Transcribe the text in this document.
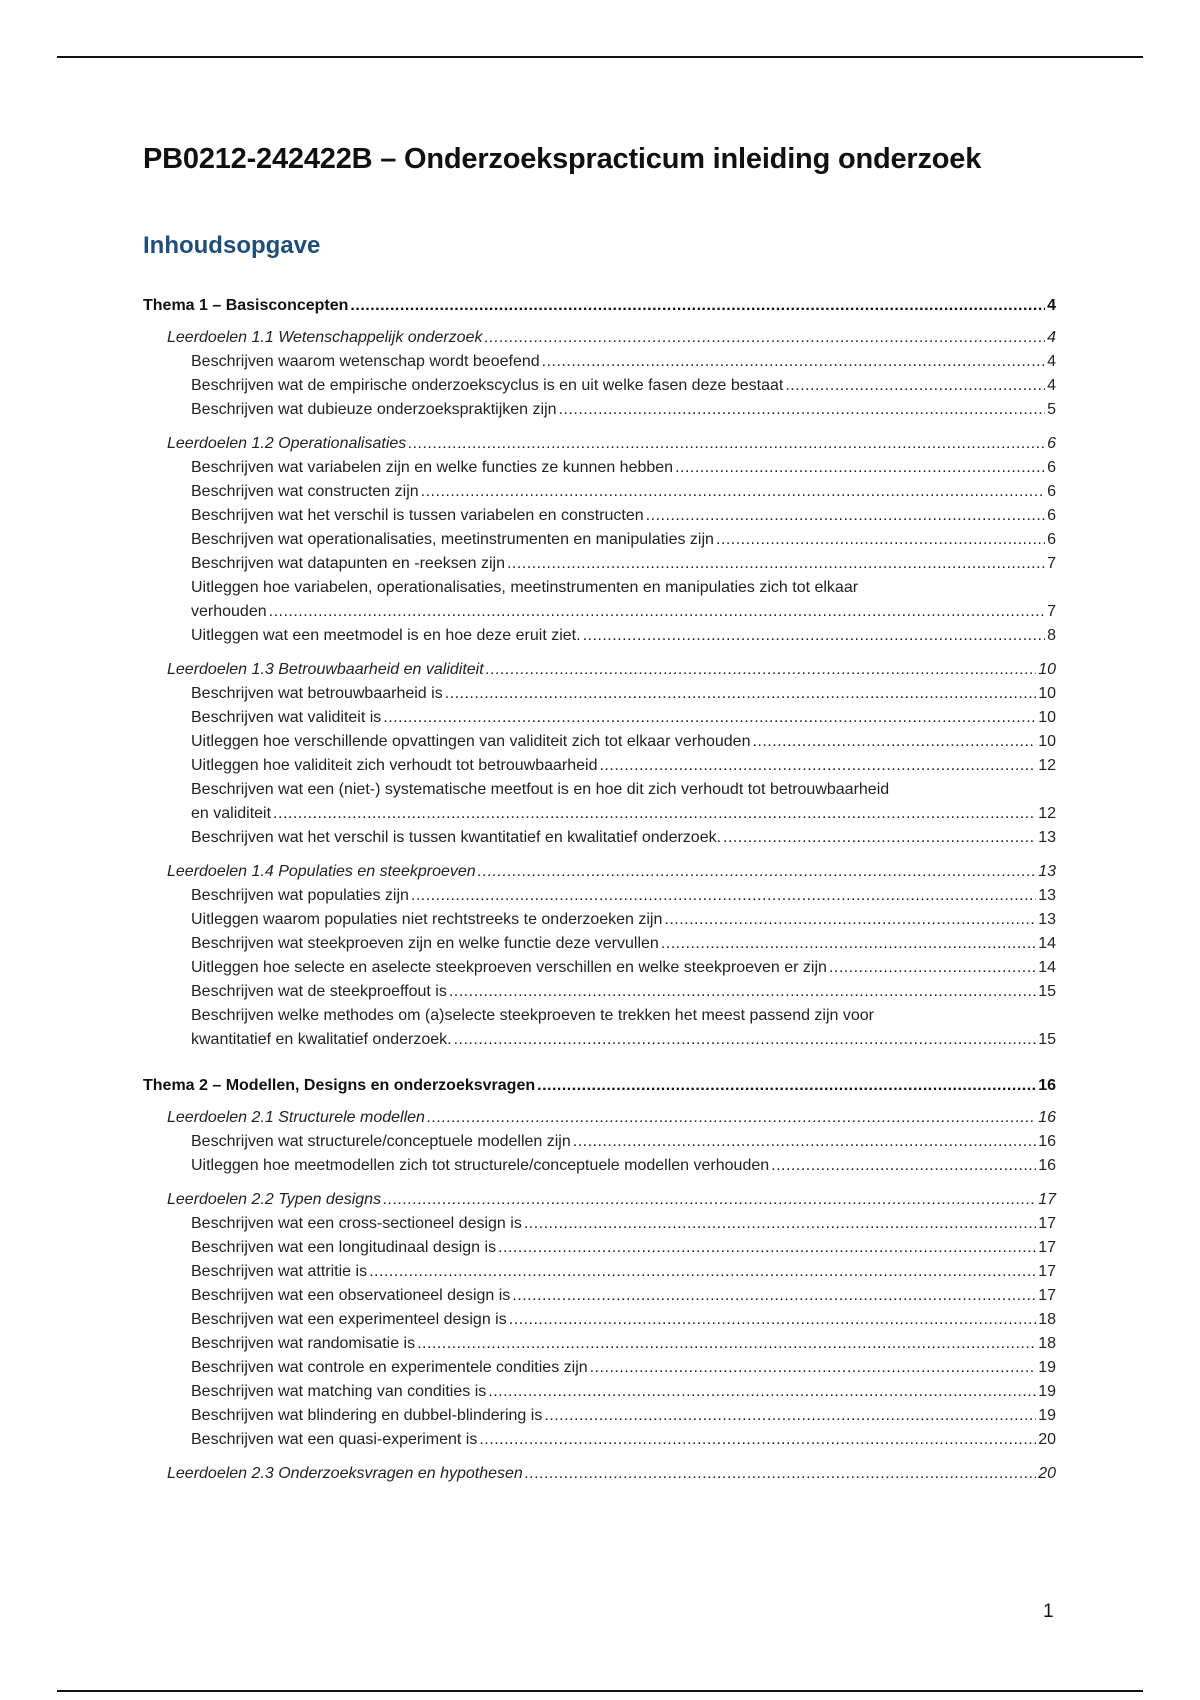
PB0212-242422B – Onderzoekspracticum inleiding onderzoek
Inhoudsopgave
Thema 1 – Basisconcepten .....	4
Leerdoelen 1.1 Wetenschappelijk onderzoek .....	4
Beschrijven waarom wetenschap wordt beoefend .....	4
Beschrijven wat de empirische onderzoekscyclus is en uit welke fasen deze bestaat .....	4
Beschrijven wat dubieuze onderzoekspraktijken zijn .....	5
Leerdoelen 1.2 Operationalisaties .....	6
Beschrijven wat variabelen zijn en welke functies ze kunnen hebben .....	6
Beschrijven wat constructen zijn .....	6
Beschrijven wat het verschil is tussen variabelen en constructen .....	6
Beschrijven wat operationalisaties, meetinstrumenten en manipulaties zijn .....	6
Beschrijven wat datapunten en -reeksen zijn .....	7
Uitleggen hoe variabelen, operationalisaties, meetinstrumenten en manipulaties zich tot elkaar
verhouden .....	7
Uitleggen wat een meetmodel is en hoe deze eruit ziet. .....	8
Leerdoelen 1.3 Betrouwbaarheid en validiteit .....	10
Beschrijven wat betrouwbaarheid is .....	10
Beschrijven wat validiteit is .....	10
Uitleggen hoe verschillende opvattingen van validiteit zich tot elkaar verhouden .....	10
Uitleggen hoe validiteit zich verhoudt tot betrouwbaarheid .....	12
Beschrijven wat een (niet-) systematische meetfout is en hoe dit zich verhoudt tot betrouwbaarheid
en validiteit .....	12
Beschrijven wat het verschil is tussen kwantitatief en kwalitatief onderzoek. .....	13
Leerdoelen 1.4 Populaties en steekproeven .....	13
Beschrijven wat populaties zijn .....	13
Uitleggen waarom populaties niet rechtstreeks te onderzoeken zijn .....	13
Beschrijven wat steekproeven zijn en welke functie deze vervullen .....	14
Uitleggen hoe selecte en aselecte steekproeven verschillen en welke steekproeven er zijn .....	14
Beschrijven wat de steekproeffout is .....	15
Beschrijven welke methodes om (a)selecte steekproeven te trekken het meest passend zijn voor
kwantitatief en kwalitatief onderzoek. .....	15
Thema 2 – Modellen, Designs en onderzoeksvragen .....	16
Leerdoelen 2.1 Structurele modellen .....	16
Beschrijven wat structurele/conceptuele modellen zijn .....	16
Uitleggen hoe meetmodellen zich tot structurele/conceptuele modellen verhouden .....	16
Leerdoelen 2.2 Typen designs .....	17
Beschrijven wat een cross-sectioneel design is .....	17
Beschrijven wat een longitudinaal design is .....	17
Beschrijven wat attritie is .....	17
Beschrijven wat een observationeel design is .....	17
Beschrijven wat een experimenteel design is .....	18
Beschrijven wat randomisatie is .....	18
Beschrijven wat controle en experimentele condities zijn .....	19
Beschrijven wat matching van condities is .....	19
Beschrijven wat blindering en dubbel-blindering is .....	19
Beschrijven wat een quasi-experiment is .....	20
Leerdoelen 2.3 Onderzoeksvragen en hypothesen .....	20
1
